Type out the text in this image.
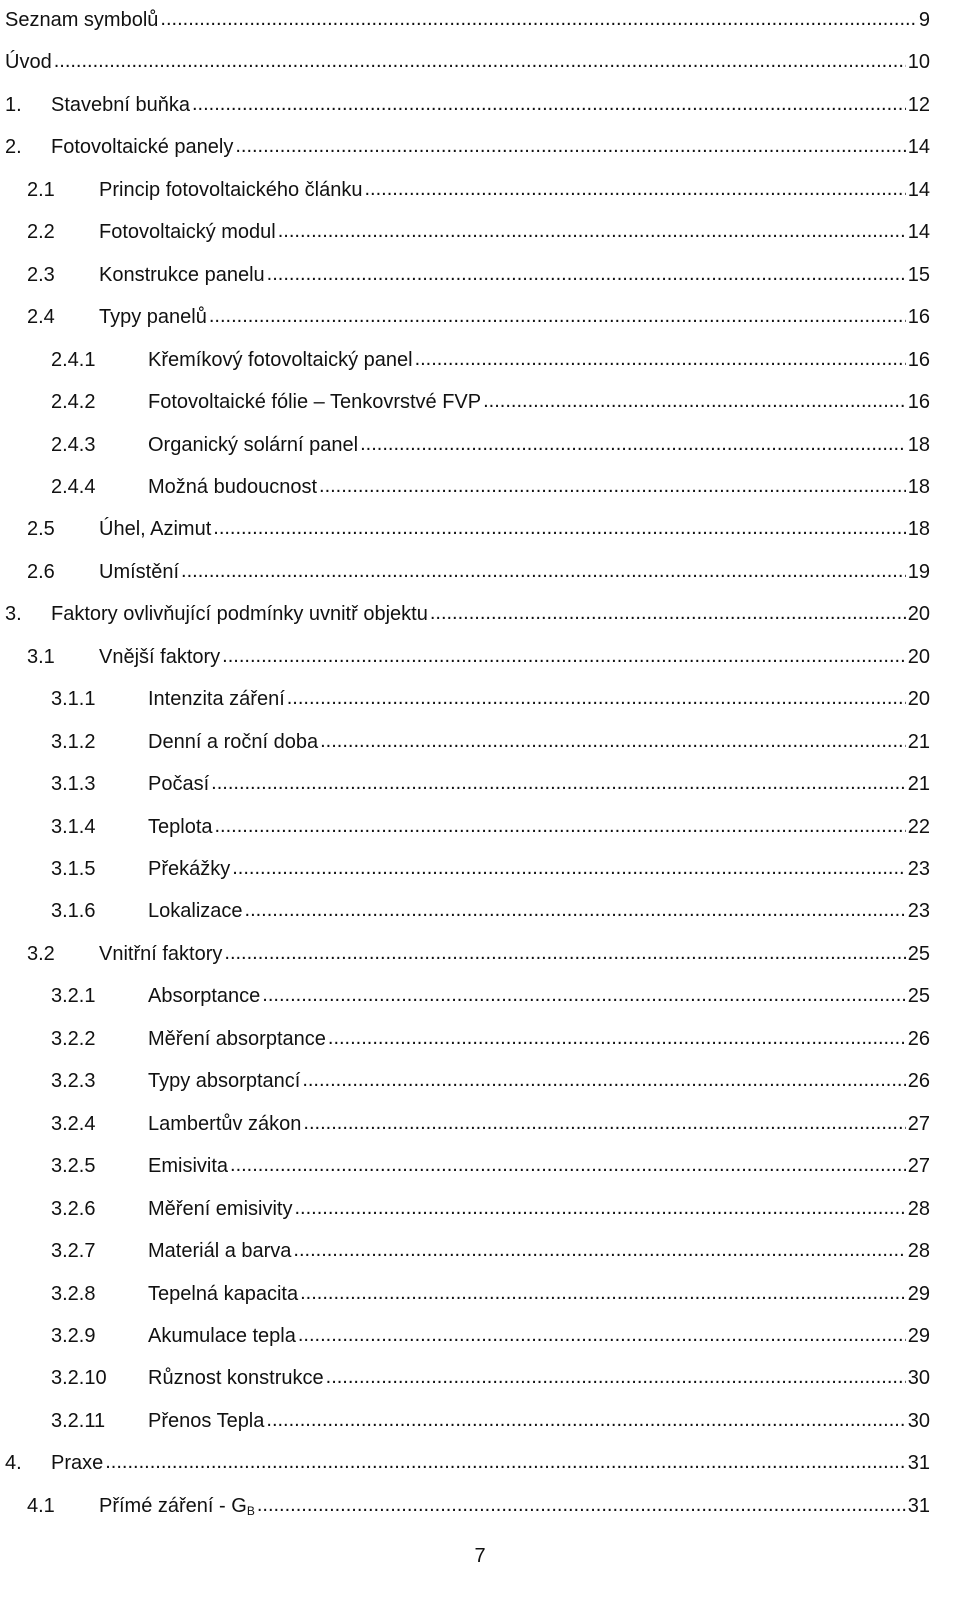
Seznam symbolů .....	9
Úvod .....	10
1.	Stavební buňka .....	12
2.	Fotovoltaické panely .....	14
2.1	Princip fotovoltaického článku .....	14
2.2	Fotovoltaický modul .....	14
2.3	Konstrukce panelu .....	15
2.4	Typy panelů .....	16
2.4.1	Křemíkový fotovoltaický panel .....	16
2.4.2	Fotovoltaické fólie – Tenkovrstvé FVP .....	16
2.4.3	Organický solární panel .....	18
2.4.4	Možná budoucnost .....	18
2.5	Úhel, Azimut .....	18
2.6	Umístění .....	19
3.	Faktory ovlivňující podmínky uvnitř objektu .....	20
3.1	Vnější faktory .....	20
3.1.1	Intenzita záření .....	20
3.1.2	Denní a roční doba .....	21
3.1.3	Počasí .....	21
3.1.4	Teplota .....	22
3.1.5	Překážky .....	23
3.1.6	Lokalizace .....	23
3.2	Vnitřní faktory .....	25
3.2.1	Absorptance .....	25
3.2.2	Měření absorptance .....	26
3.2.3	Typy absorptancí .....	26
3.2.4	Lambertův zákon .....	27
3.2.5	Emisivita .....	27
3.2.6	Měření emisivity .....	28
3.2.7	Materiál a barva .....	28
3.2.8	Tepelná kapacita .....	29
3.2.9	Akumulace tepla .....	29
3.2.10	Různost konstrukce .....	30
3.2.11	Přenos Tepla .....	30
4.	Praxe .....	31
4.1	Přímé záření - $G_B$ .....	31
7
